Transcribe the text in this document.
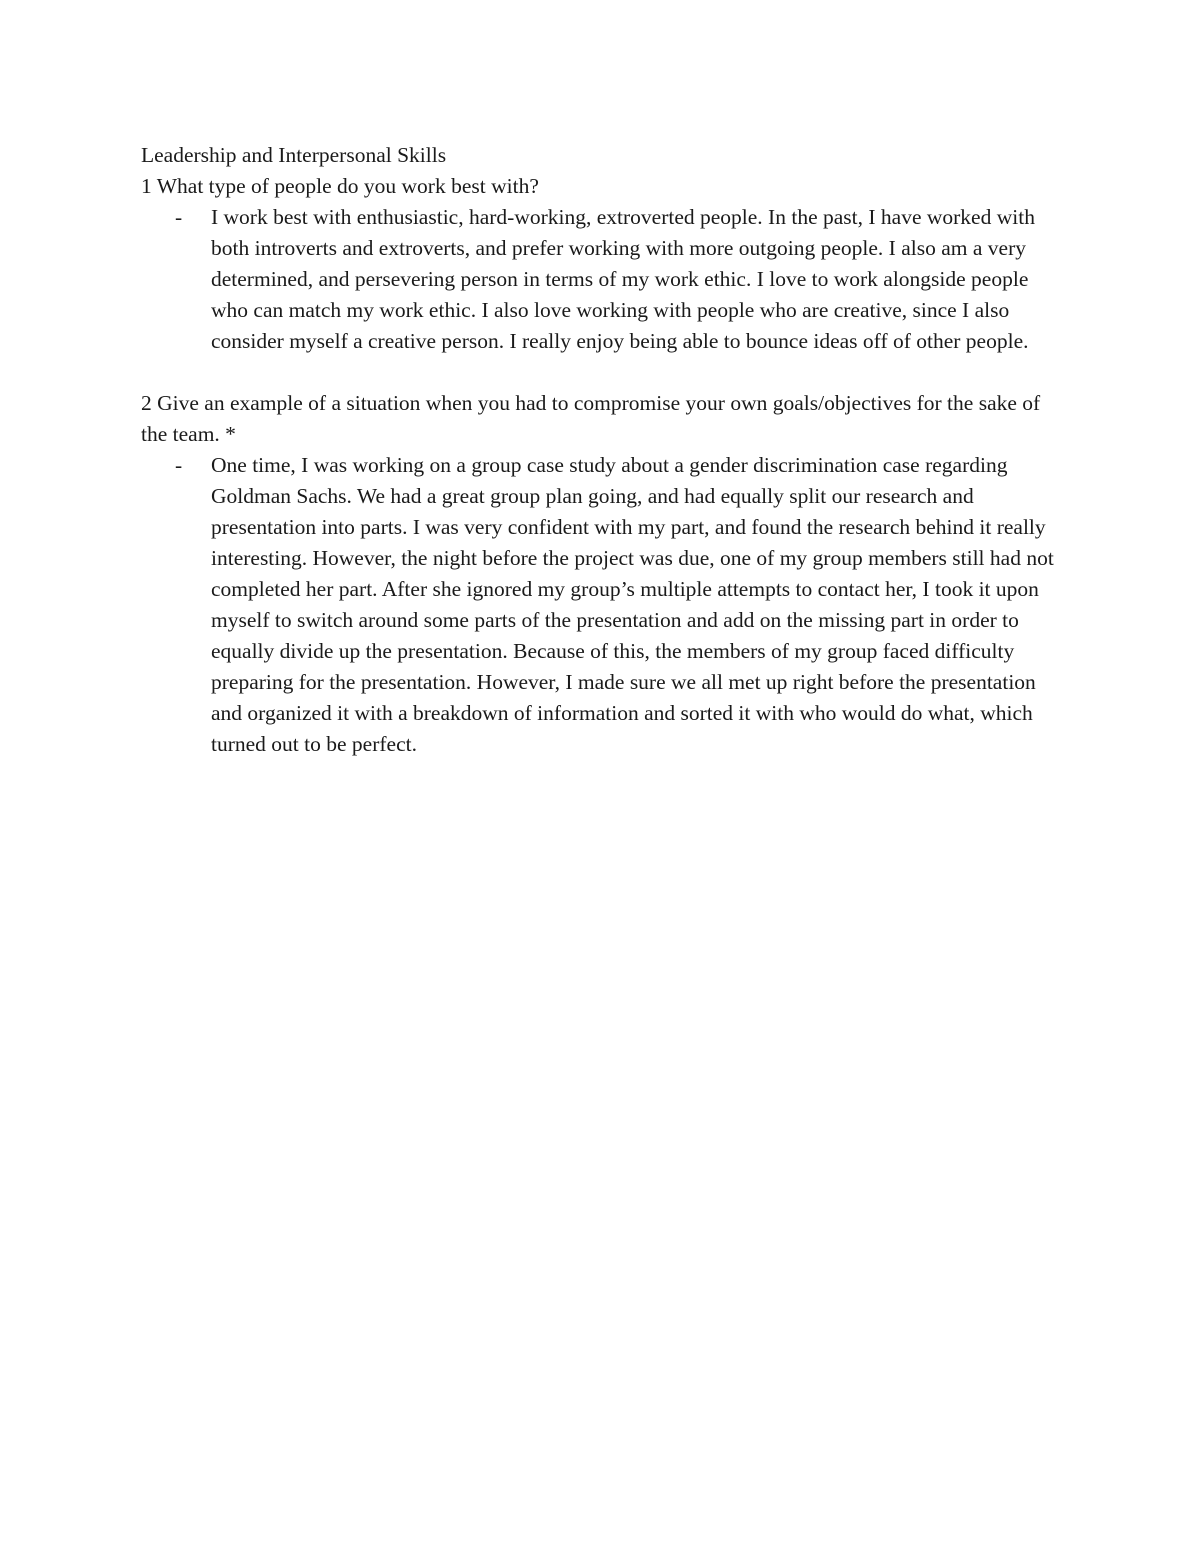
Leadership and Interpersonal Skills

1 What type of people do you work best with?

- I work best with enthusiastic, hard-working, extroverted people. In the past, I have worked with both introverts and extroverts, and prefer working with more outgoing people. I also am a very determined, and persevering person in terms of my work ethic. I love to work alongside people who can match my work ethic. I also love working with people who are creative, since I also consider myself a creative person. I really enjoy being able to bounce ideas off of other people.

2 Give an example of a situation when you had to compromise your own goals/objectives for the sake of the team. *

- One time, I was working on a group case study about a gender discrimination case regarding Goldman Sachs. We had a great group plan going, and had equally split our research and presentation into parts. I was very confident with my part, and found the research behind it really interesting. However, the night before the project was due, one of my group members still had not completed her part. After she ignored my group’s multiple attempts to contact her, I took it upon myself to switch around some parts of the presentation and add on the missing part in order to equally divide up the presentation. Because of this, the members of my group faced difficulty preparing for the presentation. However, I made sure we all met up right before the presentation and organized it with a breakdown of information and sorted it with who would do what, which turned out to be perfect.
